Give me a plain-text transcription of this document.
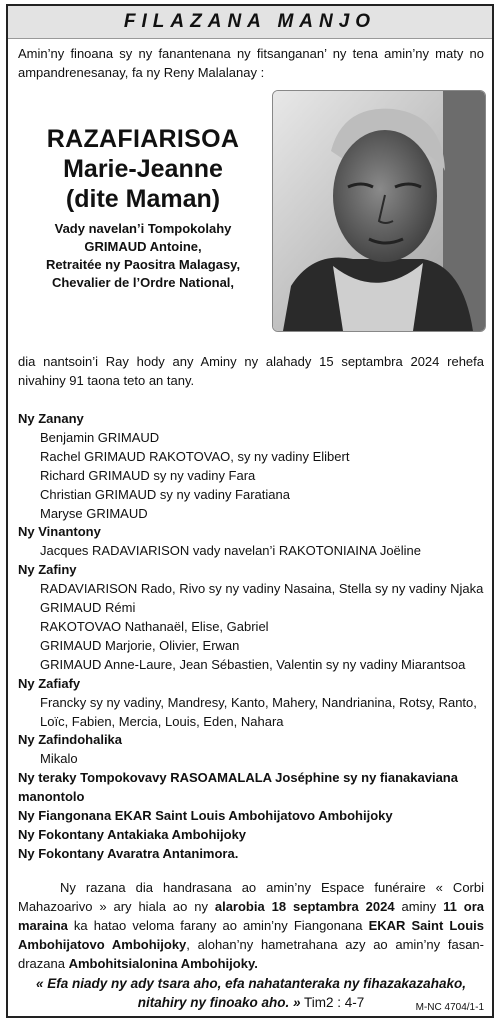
FILAZANA MANJO
Amin’ny finoana sy ny fanantenana ny fitsanganan’ ny tena amin’ny maty no ampandrenesanay, fa ny Reny Malalanay :
RAZAFIARISOA
Marie-Jeanne
(dite Maman)
Vady navelan’i Tompokolahy
GRIMAUD Antoine,
Retraitée ny Paositra Malagasy,
Chevalier de l’Ordre National,
dia nantsoin’i Ray hody any Aminy ny alahady 15 septambra 2024 rehefa nivahiny 91 taona teto an tany.
Ny Zanany
Benjamin GRIMAUD
Rachel GRIMAUD RAKOTOVAO, sy ny vadiny Elibert
Richard GRIMAUD sy ny vadiny Fara
Christian GRIMAUD sy ny vadiny Faratiana
Maryse GRIMAUD
Ny Vinantony
Jacques RADAVIARISON vady navelan’i RAKOTONIAINA Joëline
Ny Zafiny
RADAVIARISON Rado, Rivo sy ny vadiny Nasaina, Stella sy ny vadiny Njaka
GRIMAUD Rémi
RAKOTOVAO Nathanaël, Elise, Gabriel
GRIMAUD Marjorie, Olivier, Erwan
GRIMAUD Anne-Laure, Jean Sébastien, Valentin sy ny vadiny Miarantsoa
Ny Zafiafy
Francky sy ny vadiny, Mandresy, Kanto, Mahery, Nandrianina, Rotsy, Ranto,
Loïc, Fabien, Mercia, Louis, Eden, Nahara
Ny Zafindohalika
Mikalo
Ny teraky Tompokovavy RASOAMALALA Joséphine sy ny fianakaviana manontolo
Ny Fiangonana EKAR Saint Louis Ambohijatovo Ambohijoky
Ny Fokontany Antakiaka Ambohijoky
Ny Fokontany Avaratra Antanimora.
Ny razana dia handrasana ao amin’ny Espace funéraire « Corbi Mahazoarivo » ary hiala ao ny alarobia 18 septambra 2024 aminy 11 ora maraina ka hatao veloma farany ao amin’ny Fiangonana EKAR Saint Louis Ambohijatovo Ambohijoky, alohan’ny hametrahana azy ao amin’ny fasan-drazana Ambohitsialonina Ambohijoky.
« Efa niady ny ady tsara aho, efa nahatanteraka ny fihazakazahako,
nitahiry ny finoako aho. » Tim2 : 4-7	M-NC 4704/1-1
